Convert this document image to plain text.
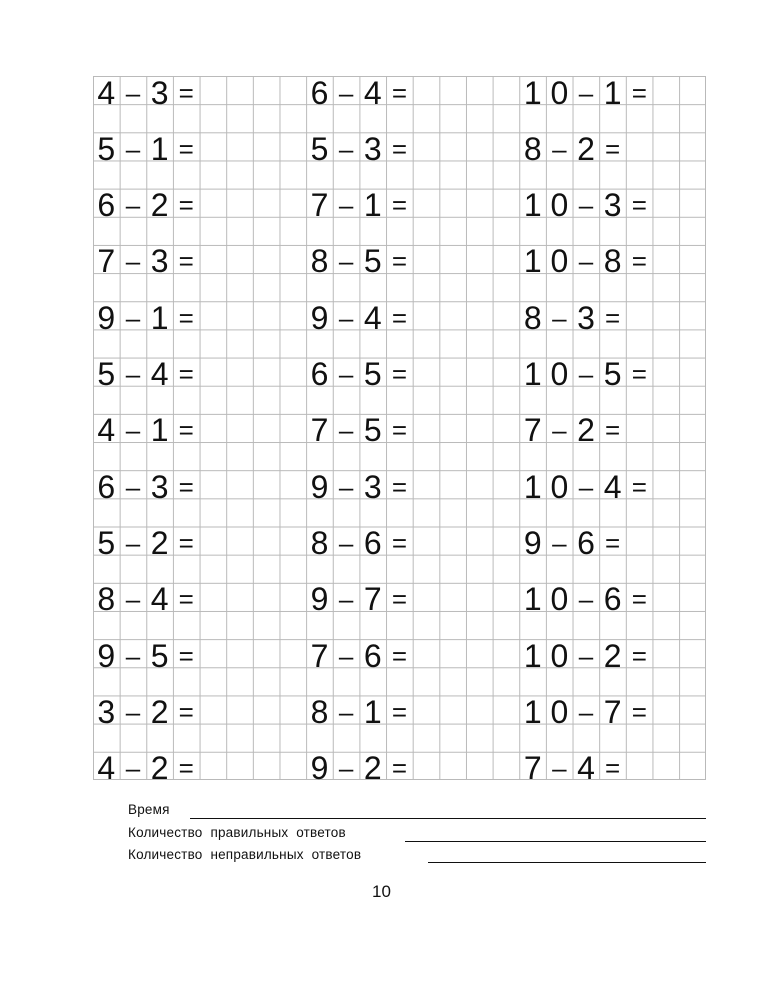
4 – 3 =
5 – 1 =
6 – 2 =
7 – 3 =
9 – 1 =
5 – 4 =
4 – 1 =
6 – 3 =
5 – 2 =
8 – 4 =
9 – 5 =
3 – 2 =
4 – 2 =
6 – 4 =
5 – 3 =
7 – 1 =
8 – 5 =
9 – 4 =
6 – 5 =
7 – 5 =
9 – 3 =
8 – 6 =
9 – 7 =
7 – 6 =
8 – 1 =
9 – 2 =
1 0 – 1 =
8 – 2 =
1 0 – 3 =
1 0 – 8 =
8 – 3 =
1 0 – 5 =
7 – 2 =
1 0 – 4 =
9 – 6 =
1 0 – 6 =
1 0 – 2 =
1 0 – 7 =
7 – 4 =
Время
Количество правильных ответов
Количество неправильных ответов
10
